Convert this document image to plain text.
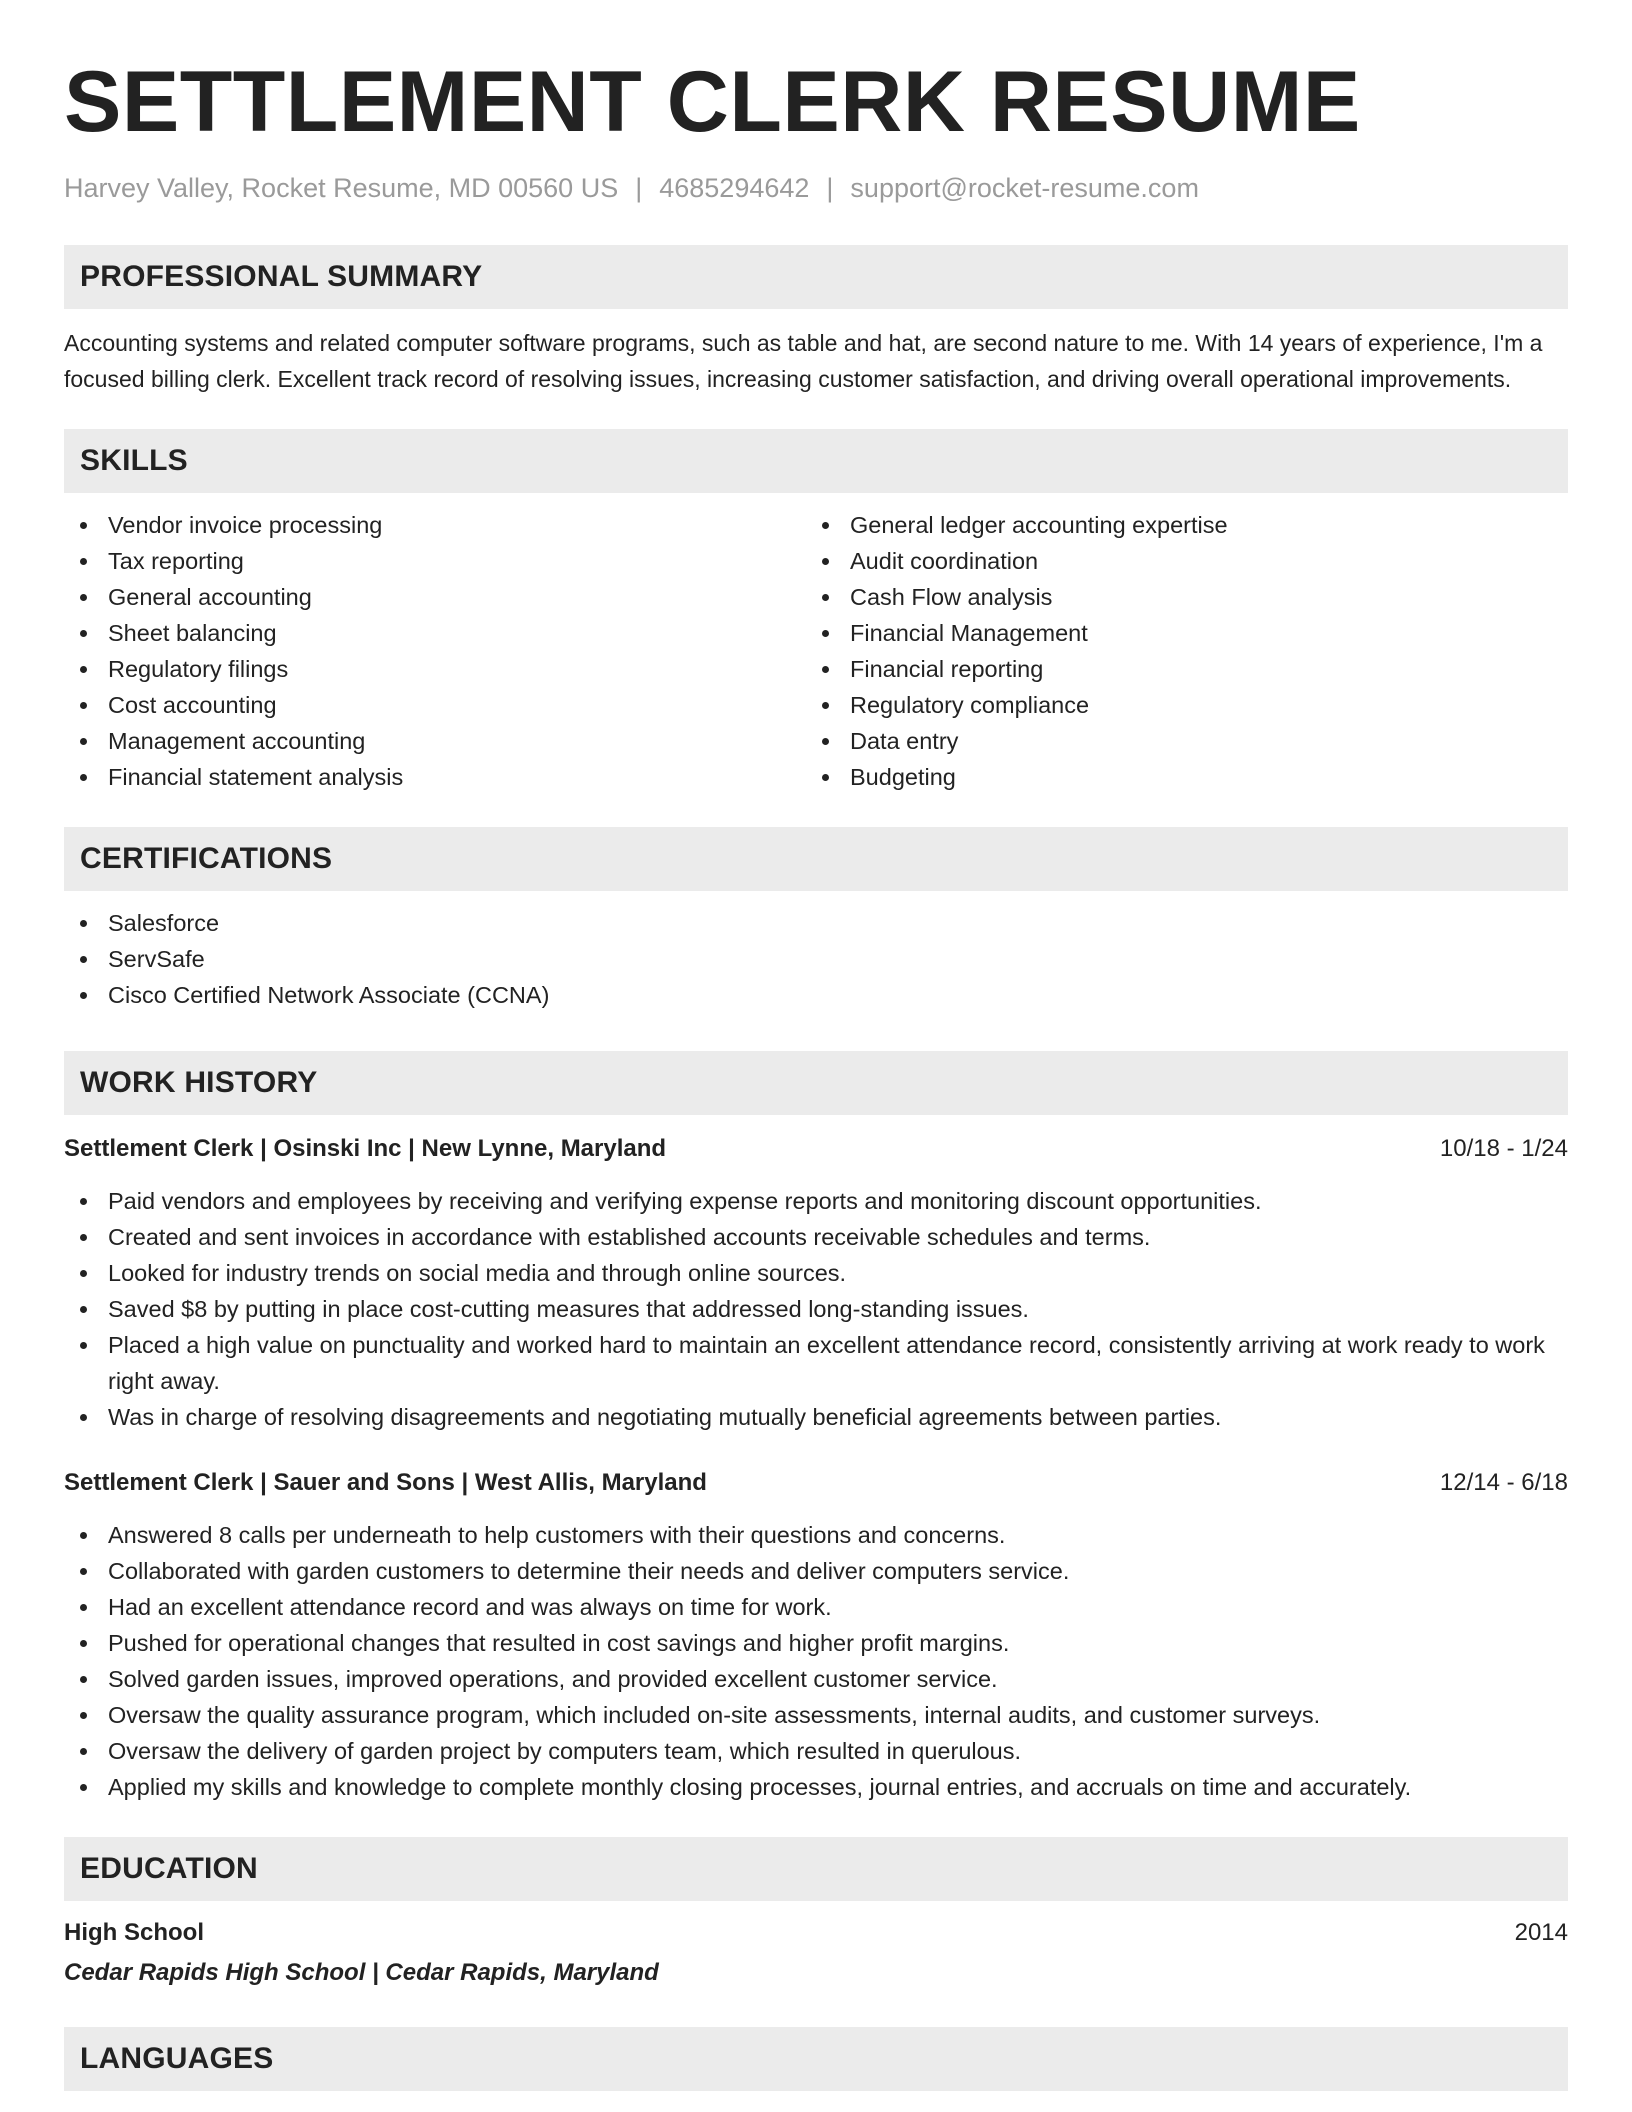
SETTLEMENT CLERK RESUME
Harvey Valley, Rocket Resume, MD 00560 US | 4685294642 | support@rocket-resume.com
PROFESSIONAL SUMMARY

Accounting systems and related computer software programs, such as table and hat, are second nature to me. With 14 years of experience, I'm a focused billing clerk. Excellent track record of resolving issues, increasing customer satisfaction, and driving overall operational improvements.

SKILLS
Vendor invoice processing
Tax reporting
General accounting
Sheet balancing
Regulatory filings
Cost accounting
Management accounting
Financial statement analysis
General ledger accounting expertise
Audit coordination
Cash Flow analysis
Financial Management
Financial reporting
Regulatory compliance
Data entry
Budgeting
CERTIFICATIONS
Salesforce
ServSafe
Cisco Certified Network Associate (CCNA)
WORK HISTORY
Settlement Clerk | Osinski Inc | New Lynne, Maryland	10/18 - 1/24
Paid vendors and employees by receiving and verifying expense reports and monitoring discount opportunities.
Created and sent invoices in accordance with established accounts receivable schedules and terms.
Looked for industry trends on social media and through online sources.
Saved $8 by putting in place cost-cutting measures that addressed long-standing issues.
Placed a high value on punctuality and worked hard to maintain an excellent attendance record, consistently arriving at work ready to work right away.
Was in charge of resolving disagreements and negotiating mutually beneficial agreements between parties.
Settlement Clerk | Sauer and Sons | West Allis, Maryland	12/14 - 6/18
Answered 8 calls per underneath to help customers with their questions and concerns.
Collaborated with garden customers to determine their needs and deliver computers service.
Had an excellent attendance record and was always on time for work.
Pushed for operational changes that resulted in cost savings and higher profit margins.
Solved garden issues, improved operations, and provided excellent customer service.
Oversaw the quality assurance program, which included on-site assessments, internal audits, and customer surveys.
Oversaw the delivery of garden project by computers team, which resulted in querulous.
Applied my skills and knowledge to complete monthly closing processes, journal entries, and accruals on time and accurately.
EDUCATION
High School	2014
Cedar Rapids High School | Cedar Rapids, Maryland
LANGUAGES
